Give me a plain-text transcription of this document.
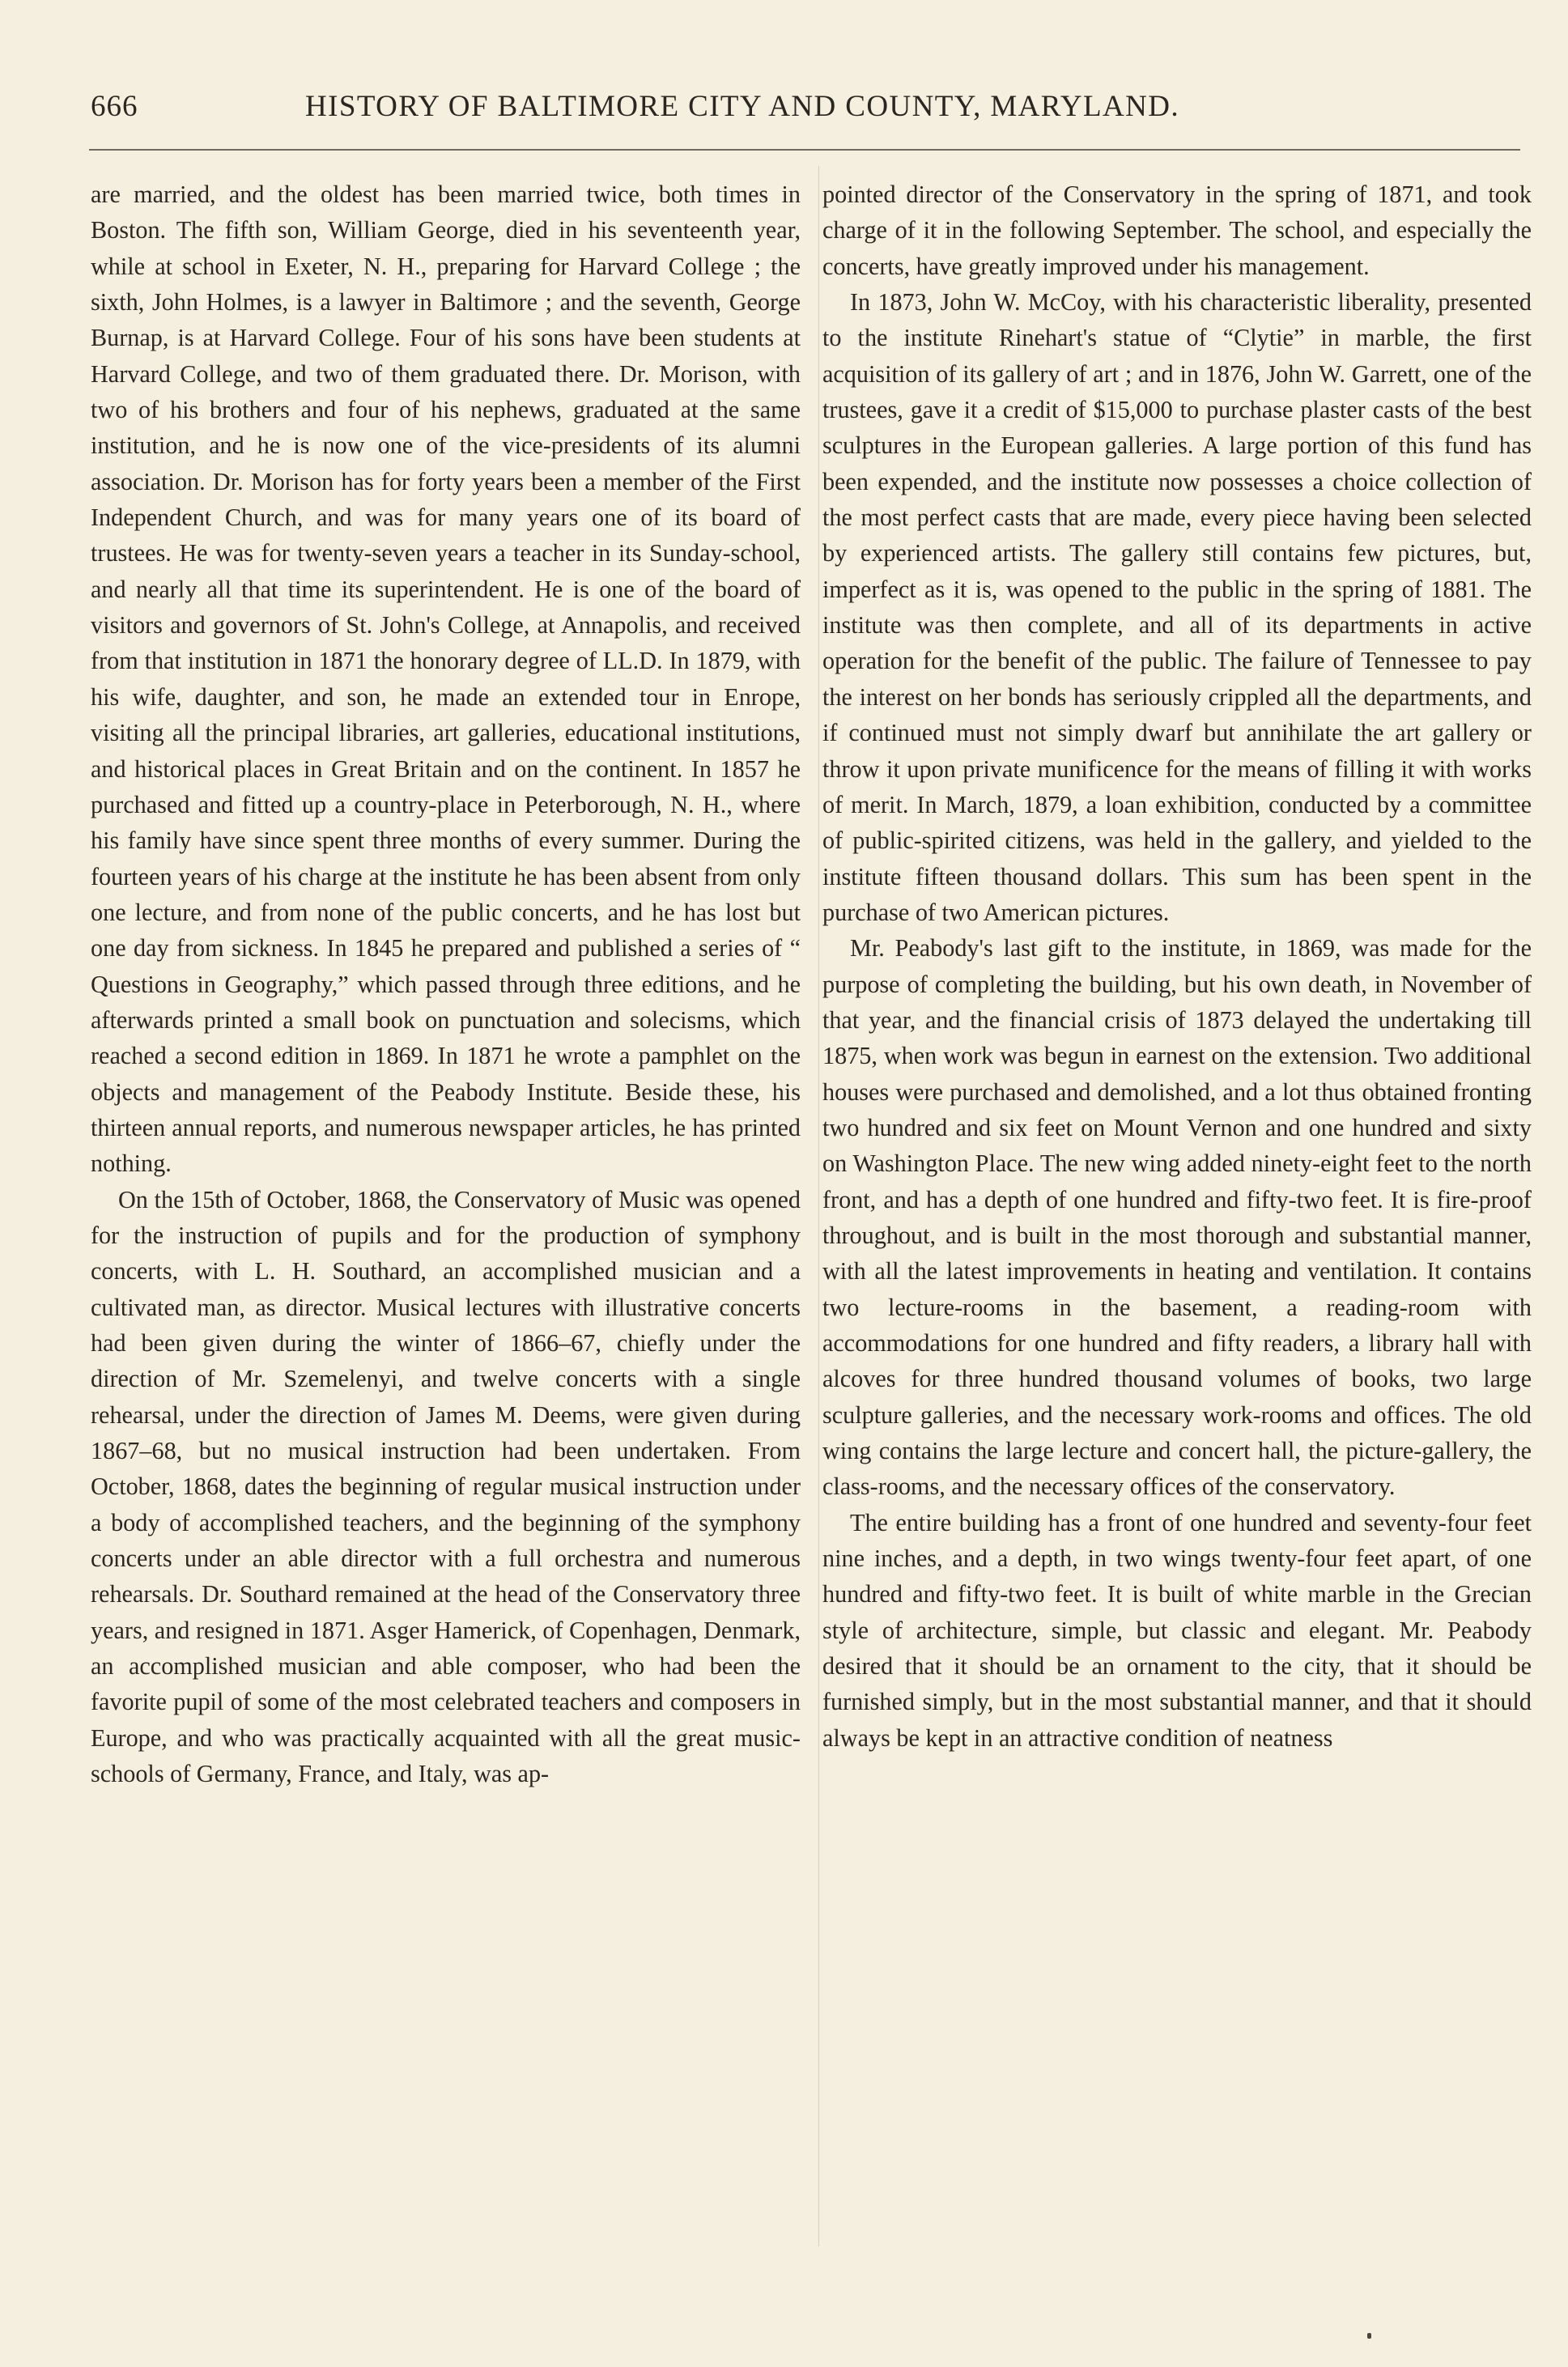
666	HISTORY OF BALTIMORE CITY AND COUNTY, MARYLAND.

are married, and the oldest has been married twice, both times in Boston. The fifth son, William George, died in his seventeenth year, while at school in Exeter, N. H., preparing for Harvard College ; the sixth, John Holmes, is a lawyer in Baltimore ; and the seventh, George Burnap, is at Harvard College. Four of his sons have been students at Harvard College, and two of them graduated there. Dr. Morison, with two of his brothers and four of his nephews, graduated at the same institution, and he is now one of the vice-presidents of its alumni association. Dr. Morison has for forty years been a member of the First Independent Church, and was for many years one of its board of trustees. He was for twenty-seven years a teacher in its Sunday-school, and nearly all that time its superintendent. He is one of the board of visitors and governors of St. John's College, at Annapolis, and received from that institution in 1871 the honorary degree of LL.D. In 1879, with his wife, daughter, and son, he made an extended tour in Enrope, visiting all the principal libraries, art galleries, educational institutions, and historical places in Great Britain and on the continent. In 1857 he purchased and fitted up a country-place in Peterborough, N. H., where his family have since spent three months of every summer. During the fourteen years of his charge at the institute he has been absent from only one lecture, and from none of the public concerts, and he has lost but one day from sickness. In 1845 he prepared and published a series of “ Questions in Geography,” which passed through three editions, and he afterwards printed a small book on punctuation and solecisms, which reached a second edition in 1869. In 1871 he wrote a pamphlet on the objects and management of the Peabody Institute. Beside these, his thirteen annual reports, and numerous newspaper articles, he has printed nothing.

On the 15th of October, 1868, the Conservatory of Music was opened for the instruction of pupils and for the production of symphony concerts, with L. H. Southard, an accomplished musician and a cultivated man, as director. Musical lectures with illustrative concerts had been given during the winter of 1866–67, chiefly under the direction of Mr. Szemelenyi, and twelve concerts with a single rehearsal, under the direction of James M. Deems, were given during 1867–68, but no musical instruction had been undertaken. From October, 1868, dates the beginning of regular musical instruction under a body of accomplished teachers, and the beginning of the symphony concerts under an able director with a full orchestra and numerous rehearsals. Dr. Southard remained at the head of the Conservatory three years, and resigned in 1871. Asger Hamerick, of Copenhagen, Denmark, an accomplished musician and able composer, who had been the favorite pupil of some of the most celebrated teachers and composers in Europe, and who was practically acquainted with all the great music-schools of Germany, France, and Italy, was ap-

pointed director of the Conservatory in the spring of 1871, and took charge of it in the following September. The school, and especially the concerts, have greatly improved under his management.

In 1873, John W. McCoy, with his characteristic liberality, presented to the institute Rinehart's statue of “Clytie” in marble, the first acquisition of its gallery of art ; and in 1876, John W. Garrett, one of the trustees, gave it a credit of $15,000 to purchase plaster casts of the best sculptures in the European galleries. A large portion of this fund has been expended, and the institute now possesses a choice collection of the most perfect casts that are made, every piece having been selected by experienced artists. The gallery still contains few pictures, but, imperfect as it is, was opened to the public in the spring of 1881. The institute was then complete, and all of its departments in active operation for the benefit of the public. The failure of Tennessee to pay the interest on her bonds has seriously crippled all the departments, and if continued must not simply dwarf but annihilate the art gallery or throw it upon private munificence for the means of filling it with works of merit. In March, 1879, a loan exhibition, conducted by a committee of public-spirited citizens, was held in the gallery, and yielded to the institute fifteen thousand dollars. This sum has been spent in the purchase of two American pictures.

Mr. Peabody's last gift to the institute, in 1869, was made for the purpose of completing the building, but his own death, in November of that year, and the financial crisis of 1873 delayed the undertaking till 1875, when work was begun in earnest on the extension. Two additional houses were purchased and demolished, and a lot thus obtained fronting two hundred and six feet on Mount Vernon and one hundred and sixty on Washington Place. The new wing added ninety-eight feet to the north front, and has a depth of one hundred and fifty-two feet. It is fire-proof throughout, and is built in the most thorough and substantial manner, with all the latest improvements in heating and ventilation. It contains two lecture-rooms in the basement, a reading-room with accommodations for one hundred and fifty readers, a library hall with alcoves for three hundred thousand volumes of books, two large sculpture galleries, and the necessary work-rooms and offices. The old wing contains the large lecture and concert hall, the picture-gallery, the class-rooms, and the necessary offices of the conservatory.

The entire building has a front of one hundred and seventy-four feet nine inches, and a depth, in two wings twenty-four feet apart, of one hundred and fifty-two feet. It is built of white marble in the Grecian style of architecture, simple, but classic and elegant. Mr. Peabody desired that it should be an ornament to the city, that it should be furnished simply, but in the most substantial manner, and that it should always be kept in an attractive condition of neatness
